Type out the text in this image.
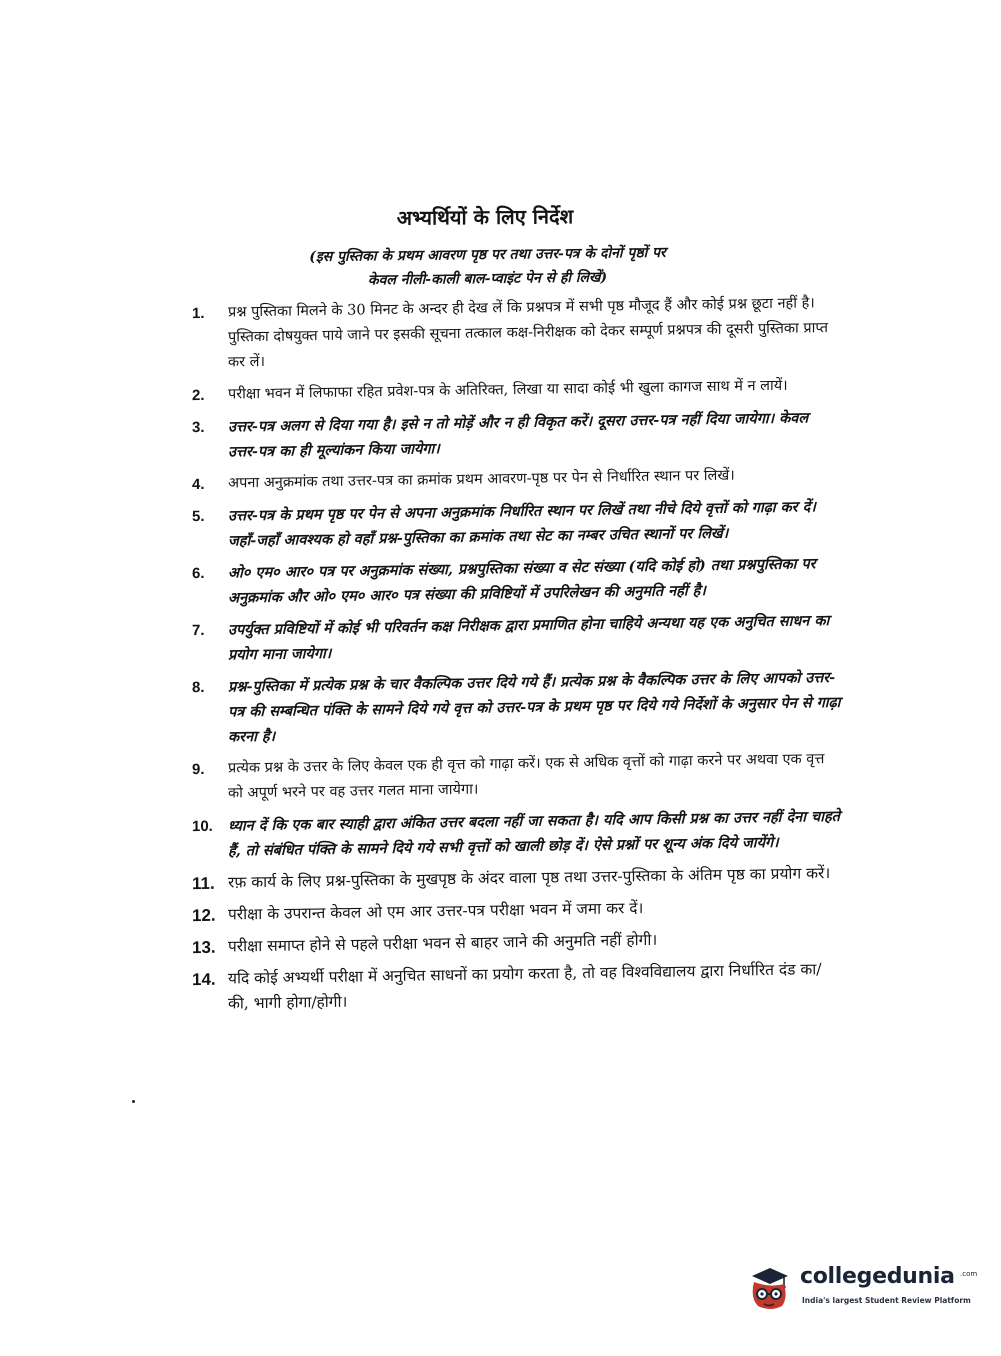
अभ्यर्थियों के लिए निर्देश
(इस पुस्तिका के प्रथम आवरण पृष्ठ पर तथा उत्तर-पत्र के दोनों पृष्ठों पर
केवल नीली-काली बाल-प्वाइंट पेन से ही लिखें)
1. प्रश्न पुस्तिका मिलने के 30 मिनट के अन्दर ही देख लें कि प्रश्नपत्र में सभी पृष्ठ मौजूद हैं और कोई प्रश्न छूटा नहीं है। पुस्तिका दोषयुक्त पाये जाने पर इसकी सूचना तत्काल कक्ष-निरीक्षक को देकर सम्पूर्ण प्रश्नपत्र की दूसरी पुस्तिका प्राप्त कर लें।
2. परीक्षा भवन में लिफाफा रहित प्रवेश-पत्र के अतिरिक्त, लिखा या सादा कोई भी खुला कागज साथ में न लायें।
3. उत्तर-पत्र अलग से दिया गया है। इसे न तो मोड़ें और न ही विकृत करें। दूसरा उत्तर-पत्र नहीं दिया जायेगा। केवल उत्तर-पत्र का ही मूल्यांकन किया जायेगा।
4. अपना अनुक्रमांक तथा उत्तर-पत्र का क्रमांक प्रथम आवरण-पृष्ठ पर पेन से निर्धारित स्थान पर लिखें।
5. उत्तर-पत्र के प्रथम पृष्ठ पर पेन से अपना अनुक्रमांक निर्धारित स्थान पर लिखें तथा नीचे दिये वृत्तों को गाढ़ा कर दें। जहाँ-जहाँ आवश्यक हो वहाँ प्रश्न-पुस्तिका का क्रमांक तथा सेट का नम्बर उचित स्थानों पर लिखें।
6. ओ० एम० आर० पत्र पर अनुक्रमांक संख्या, प्रश्नपुस्तिका संख्या व सेट संख्या (यदि कोई हो) तथा प्रश्नपुस्तिका पर अनुक्रमांक और ओ० एम० आर० पत्र संख्या की प्रविष्टियों में उपरिलेखन की अनुमति नहीं है।
7. उपर्युक्त प्रविष्टियों में कोई भी परिवर्तन कक्ष निरीक्षक द्वारा प्रमाणित होना चाहिये अन्यथा यह एक अनुचित साधन का प्रयोग माना जायेगा।
8. प्रश्न-पुस्तिका में प्रत्येक प्रश्न के चार वैकल्पिक उत्तर दिये गये हैं। प्रत्येक प्रश्न के वैकल्पिक उत्तर के लिए आपको उत्तर-पत्र की सम्बन्धित पंक्ति के सामने दिये गये वृत्त को उत्तर-पत्र के प्रथम पृष्ठ पर दिये गये निर्देशों के अनुसार पेन से गाढ़ा करना है।
9. प्रत्येक प्रश्न के उत्तर के लिए केवल एक ही वृत्त को गाढ़ा करें। एक से अधिक वृत्तों को गाढ़ा करने पर अथवा एक वृत्त को अपूर्ण भरने पर वह उत्तर गलत माना जायेगा।
10. ध्यान दें कि एक बार स्याही द्वारा अंकित उत्तर बदला नहीं जा सकता है। यदि आप किसी प्रश्न का उत्तर नहीं देना चाहते हैं, तो संबंधित पंक्ति के सामने दिये गये सभी वृत्तों को खाली छोड़ दें। ऐसे प्रश्नों पर शून्य अंक दिये जायेंगे।
11. रफ़ कार्य के लिए प्रश्न-पुस्तिका के मुखपृष्ठ के अंदर वाला पृष्ठ तथा उत्तर-पुस्तिका के अंतिम पृष्ठ का प्रयोग करें।
12. परीक्षा के उपरान्त केवल ओ एम आर उत्तर-पत्र परीक्षा भवन में जमा कर दें।
13. परीक्षा समाप्त होने से पहले परीक्षा भवन से बाहर जाने की अनुमति नहीं होगी।
14. यदि कोई अभ्यर्थी परीक्षा में अनुचित साधनों का प्रयोग करता है, तो वह विश्वविद्यालय द्वारा निर्धारित दंड का/की, भागी होगा/होगी।
collegedunia .com
India's largest Student Review Platform
